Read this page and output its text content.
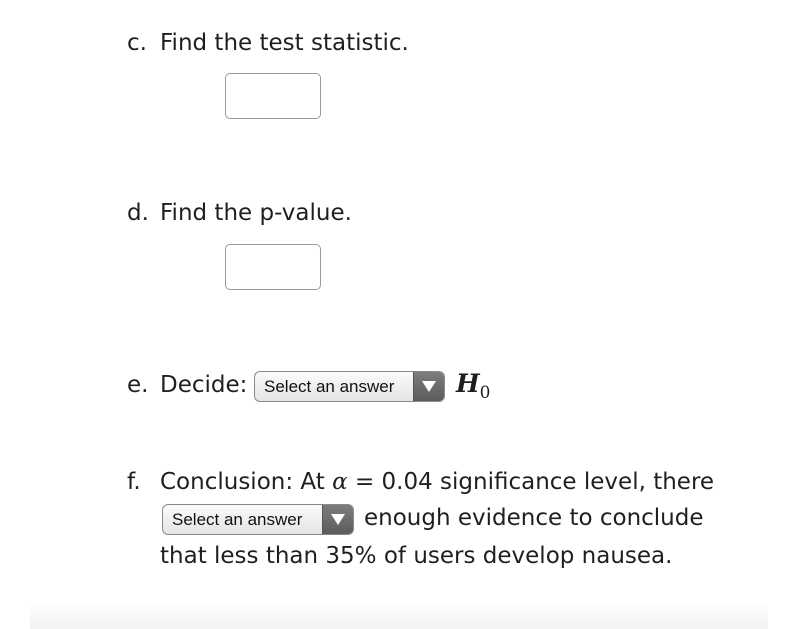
c. Find the test statistic.
d. Find the p-value.
e. Decide: Select an answer	$H_0$
f. Conclusion: At α = 0.04 significance level, there
Select an answer	enough evidence to conclude
that less than 35% of users develop nausea.
